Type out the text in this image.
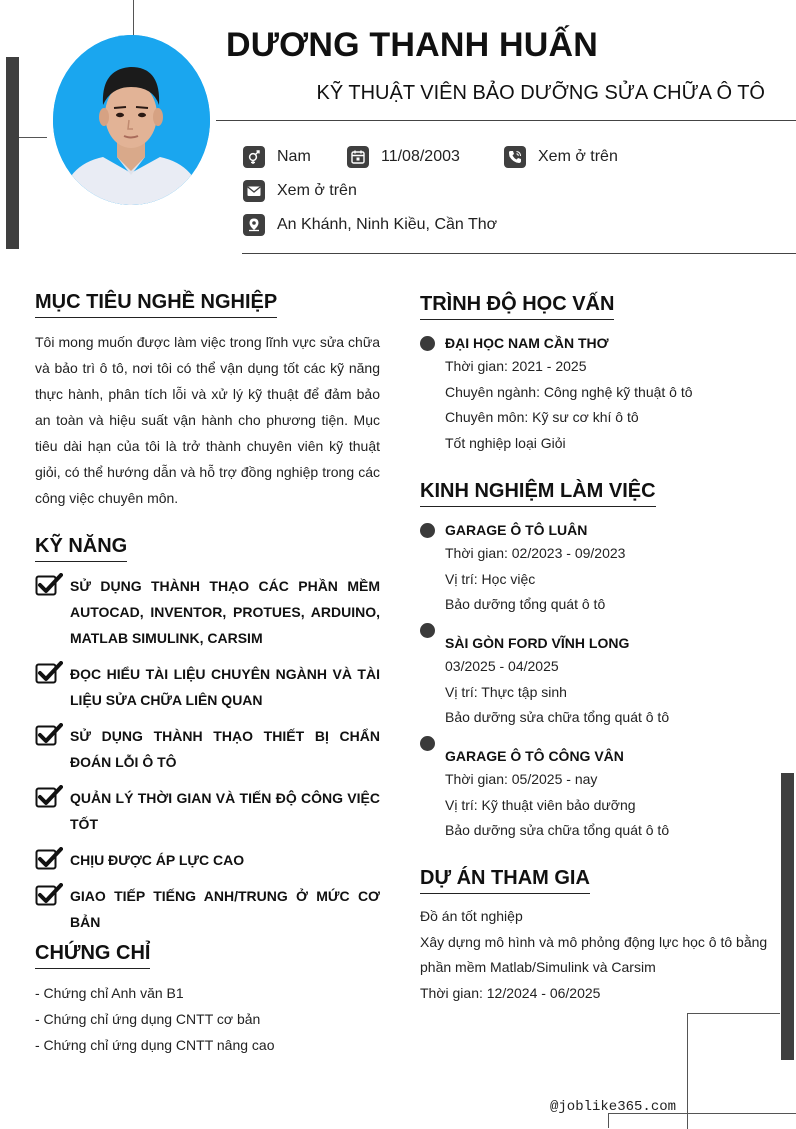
DƯƠNG THANH HUẤN
KỸ THUẬT VIÊN BẢO DƯỠNG SỬA CHỮA Ô TÔ
Nam	11/08/2003	Xem ở trên
Xem ở trên
An Khánh, Ninh Kiều, Cần Thơ
MỤC TIÊU NGHỀ NGHIỆP
Tôi mong muốn được làm việc trong lĩnh vực sửa chữa và bảo trì ô tô, nơi tôi có thể vận dụng tốt các kỹ năng thực hành, phân tích lỗi và xử lý kỹ thuật để đảm bảo an toàn và hiệu suất vận hành cho phương tiện. Mục tiêu dài hạn của tôi là trở thành chuyên viên kỹ thuật giỏi, có thể hướng dẫn và hỗ trợ đồng nghiệp trong các công việc chuyên môn.
KỸ NĂNG
SỬ DỤNG THÀNH THẠO CÁC PHẦN MỀM AUTOCAD, INVENTOR, PROTUES, ARDUINO, MATLAB SIMULINK, CARSIM
ĐỌC HIỂU TÀI LIỆU CHUYÊN NGÀNH VÀ TÀI LIỆU SỬA CHỮA LIÊN QUAN
SỬ DỤNG THÀNH THẠO THIẾT BỊ CHẨN ĐOÁN LỖI Ô TÔ
QUẢN LÝ THỜI GIAN VÀ TIẾN ĐỘ CÔNG VIỆC TỐT
CHỊU ĐƯỢC ÁP LỰC CAO
GIAO TIẾP TIẾNG ANH/TRUNG Ở MỨC CƠ BẢN
CHỨNG CHỈ
- Chứng chỉ Anh văn B1
- Chứng chỉ ứng dụng CNTT cơ bản
- Chứng chỉ ứng dụng CNTT nâng cao
TRÌNH ĐỘ HỌC VẤN
ĐẠI HỌC NAM CẦN THƠ
Thời gian: 2021 - 2025
Chuyên ngành: Công nghệ kỹ thuật ô tô
Chuyên môn: Kỹ sư cơ khí ô tô
Tốt nghiệp loại Giỏi
KINH NGHIỆM LÀM VIỆC
GARAGE Ô TÔ LUÂN
Thời gian: 02/2023 - 09/2023
Vị trí: Học việc
Bảo dưỡng tổng quát ô tô
SÀI GÒN FORD VĨNH LONG
03/2025 - 04/2025
Vị trí: Thực tập sinh
Bảo dưỡng sửa chữa tổng quát ô tô
GARAGE Ô TÔ CÔNG VÂN
Thời gian: 05/2025 - nay
Vị trí: Kỹ thuật viên bảo dưỡng
Bảo dưỡng sửa chữa tổng quát ô tô
DỰ ÁN THAM GIA
Đồ án tốt nghiệp
Xây dựng mô hình và mô phỏng động lực học ô tô bằng phần mềm Matlab/Simulink và Carsim
Thời gian: 12/2024 - 06/2025
@joblike365.com
